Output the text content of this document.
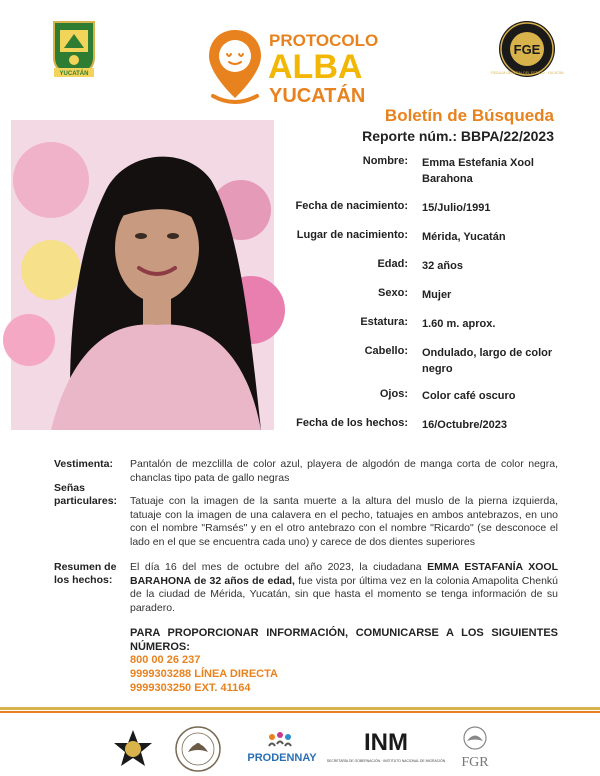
YUCATÁN
PROTOCOLO
ALBA
YUCATÁN
FGE
FISCALÍA GENERAL DEL ESTADO · YUCATÁN
Boletín de Búsqueda
Reporte núm.: BBPA/22/2023
Nombre: Emma Estefania Xool Barahona
Fecha de nacimiento: 15/Julio/1991
Lugar de nacimiento: Mérida, Yucatán
Edad: 32 años
Sexo: Mujer
Estatura: 1.60 m. aprox.
Cabello: Ondulado, largo de color negro
Ojos: Color café oscuro
Fecha de los hechos: 16/Octubre/2023
Vestimenta:	Pantalón de mezclilla de color azul, playera de algodón de manga corta de color negra, chanclas tipo pata de gallo negras
Señas
particulares:	Tatuaje con la imagen de la santa muerte a la altura del muslo de la pierna izquierda, tatuaje con la imagen de una calavera en el pecho, tatuajes en ambos antebrazos, en uno con el nombre "Ramsés" y en el otro antebrazo con el nombre "Ricardo" (se desconoce el lado en el que se encuentra cada uno) y carece de dos dientes superiores
Resumen de
los hechos:
El día 16 del mes de octubre del año 2023, la ciudadana EMMA ESTAFANÍA XOOL BARAHONA de 32 años de edad, fue vista por última vez en la colonia Amapolita Chenkú de la ciudad de Mérida, Yucatán, sin que hasta el momento se tenga información de su paradero.
PARA PROPORCIONAR INFORMACIÓN, COMUNICARSE A LOS SIGUIENTES NÚMEROS:
800 00 26 237
9999303288 LÍNEA DIRECTA
9999303250 EXT. 41164
PRODENNAY
INM
SECRETARÍA DE GOBERNACIÓN · INSTITUTO NACIONAL DE MIGRACIÓN FGR
